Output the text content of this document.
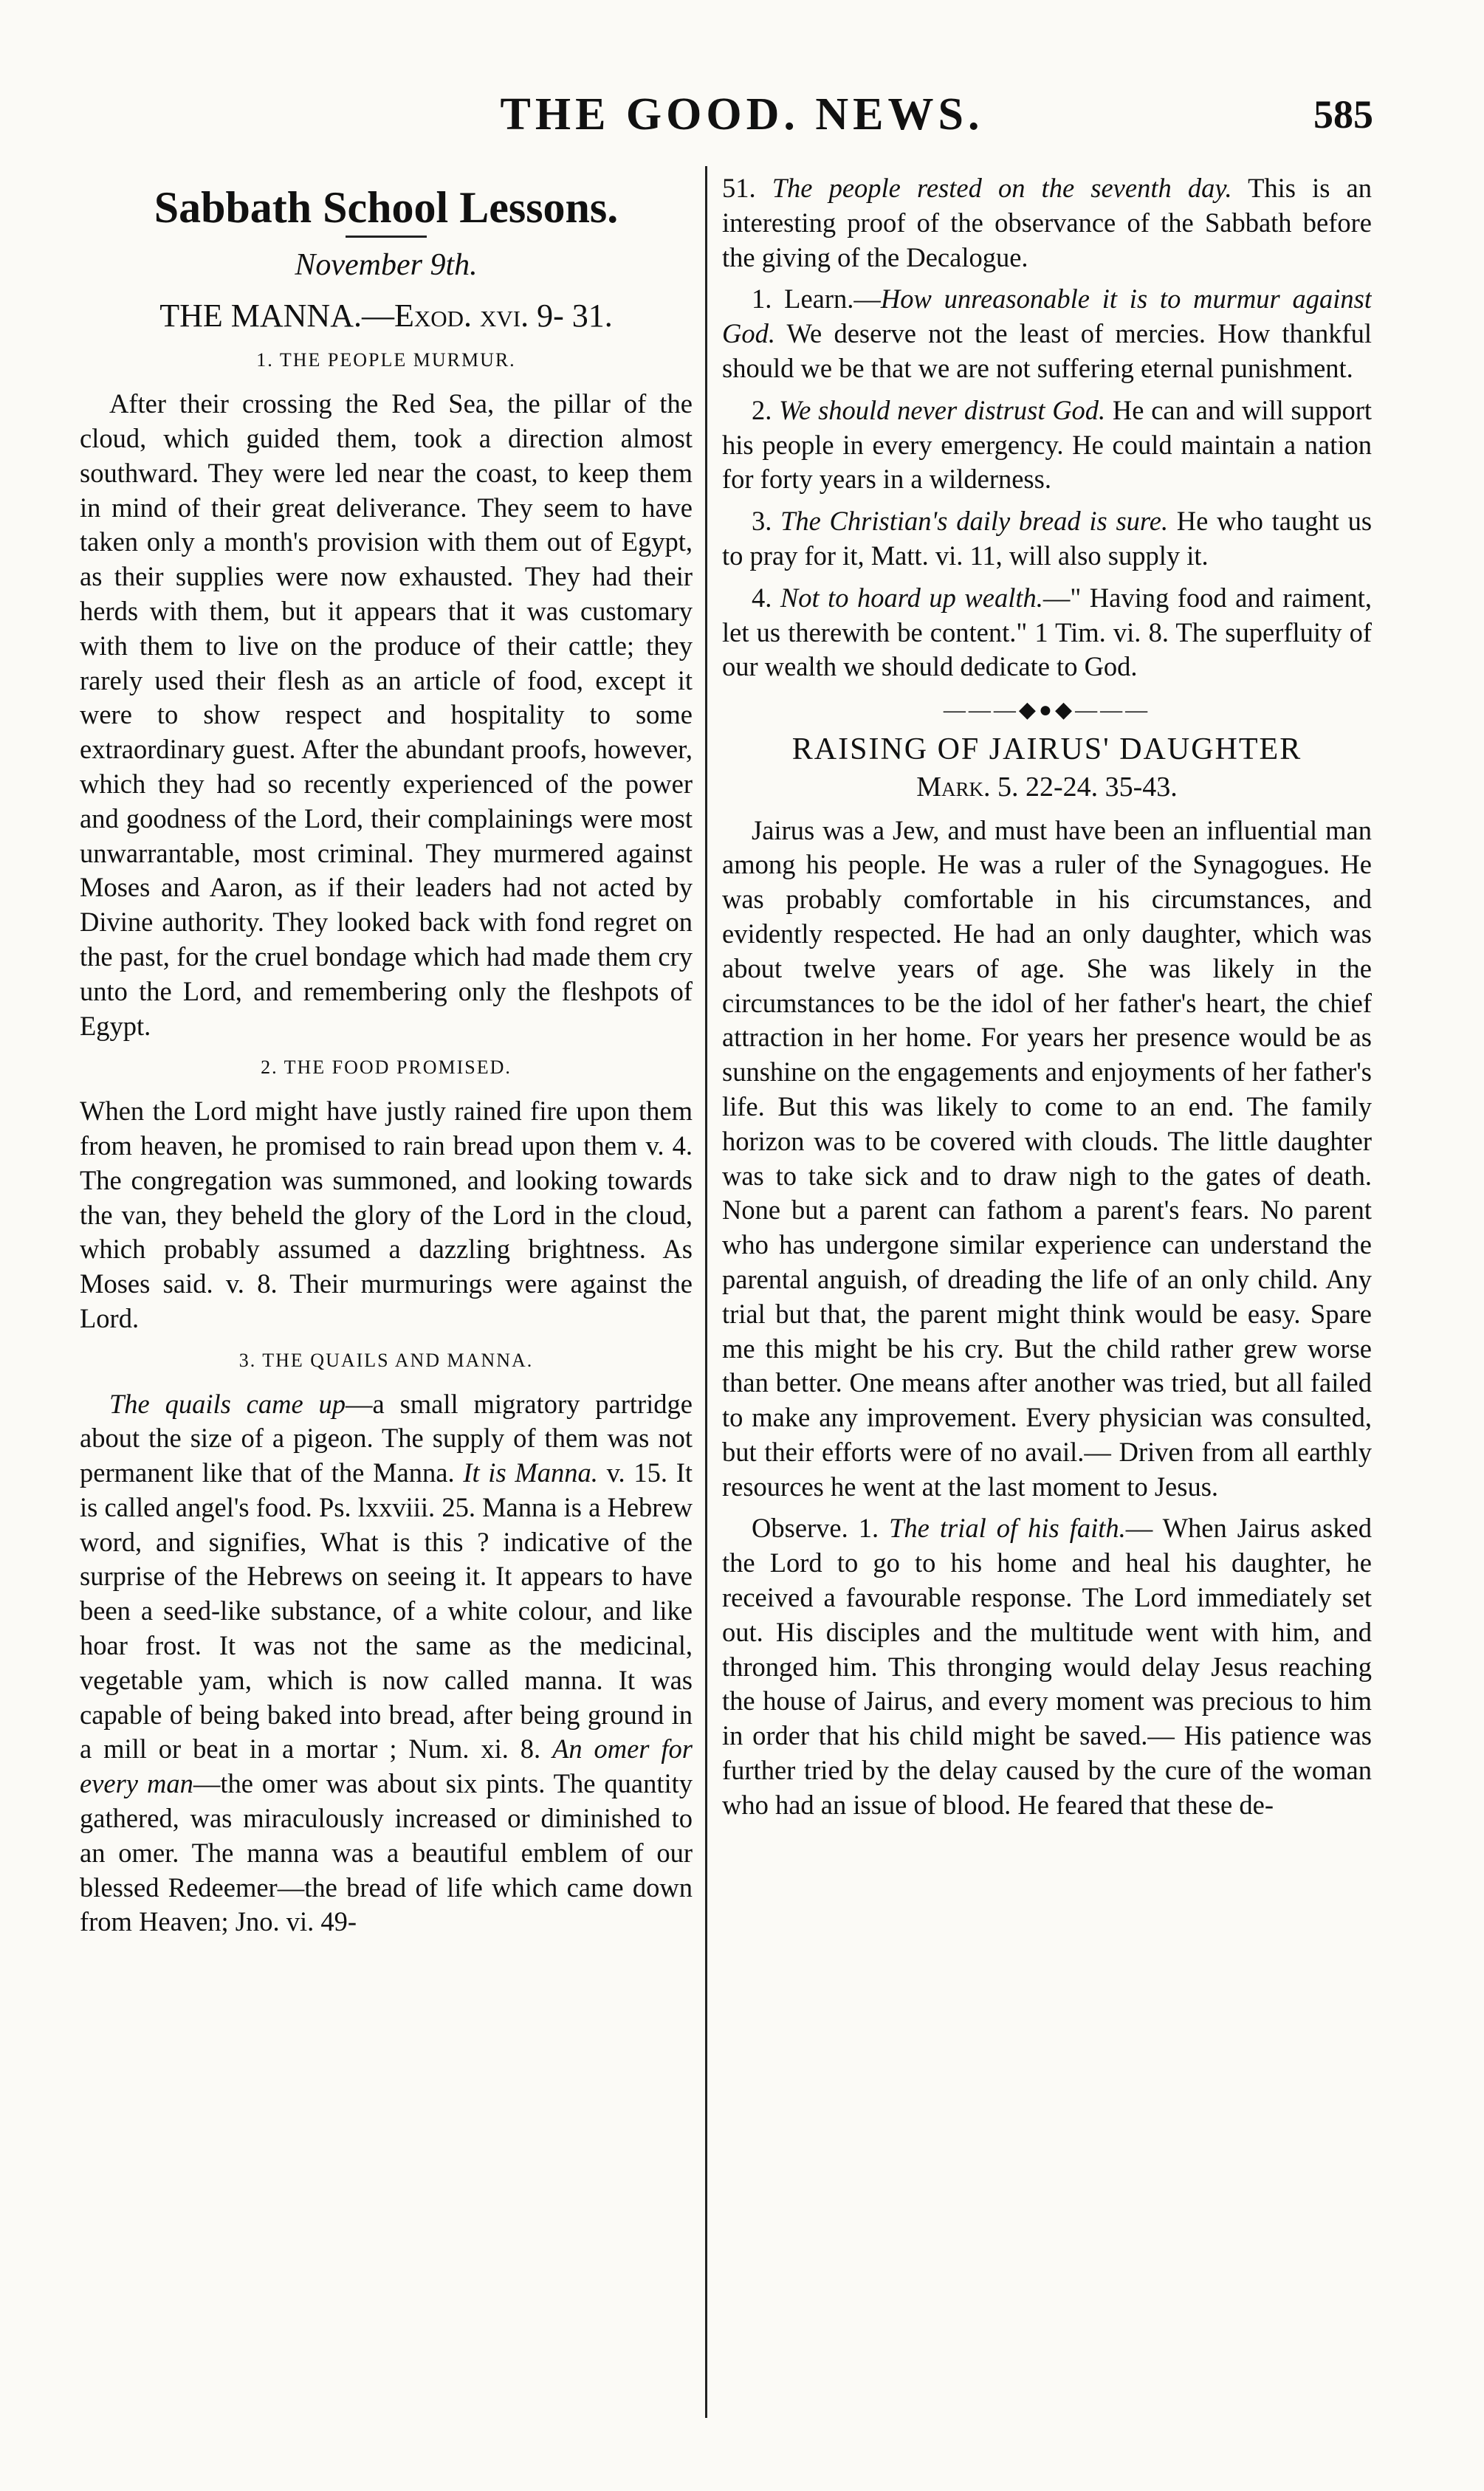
THE GOOD. NEWS.	585
Sabbath School Lessons.
November 9th.
THE MANNA.—Exod. xvi. 9- 31.
1. THE PEOPLE MURMUR.

After their crossing the Red Sea, the pillar of the cloud, which guided them, took a direction almost southward. They were led near the coast, to keep them in mind of their great deliverance. They seem to have taken only a month's provision with them out of Egypt, as their supplies were now exhausted. They had their herds with them, but it appears that it was customary with them to live on the produce of their cattle; they rarely used their flesh as an article of food, except it were to show respect and hospitality to some extraordinary guest. After the abundant proofs, however, which they had so recently experienced of the power and goodness of the Lord, their complainings were most unwarrantable, most criminal. They murmered against Moses and Aaron, as if their leaders had not acted by Divine authority. They looked back with fond regret on the past, for the cruel bondage which had made them cry unto the Lord, and remembering only the fleshpots of Egypt.

2. THE FOOD PROMISED.

When the Lord might have justly rained fire upon them from heaven, he promised to rain bread upon them v. 4. The congregation was summoned, and looking towards the van, they beheld the glory of the Lord in the cloud, which probably assumed a dazzling brightness. As Moses said. v. 8. Their murmurings were against the Lord.

3. THE QUAILS AND MANNA.

The quails came up—a small migratory partridge about the size of a pigeon. The supply of them was not permanent like that of the Manna. It is Manna. v. 15. It is called angel's food. Ps. lxxviii. 25. Manna is a Hebrew word, and signifies, What is this ? indicative of the surprise of the Hebrews on seeing it. It appears to have been a seed-like substance, of a white colour, and like hoar frost. It was not the same as the medicinal, vegetable yam, which is now called manna. It was capable of being baked into bread, after being ground in a mill or beat in a mortar ; Num. xi. 8. An omer for every man—the omer was about six pints. The quantity gathered, was miraculously increased or diminished to an omer. The manna was a beautiful emblem of our blessed Redeemer—the bread of life which came down from Heaven; Jno. vi. 49-

51. The people rested on the seventh day. This is an interesting proof of the observance of the Sabbath before the giving of the Decalogue.

1. Learn.—How unreasonable it is to murmur against God. We deserve not the least of mercies. How thankful should we be that we are not suffering eternal punishment.

2. We should never distrust God. He can and will support his people in every emergency. He could maintain a nation for forty years in a wilderness.

3. The Christian's daily bread is sure. He who taught us to pray for it, Matt. vi. 11, will also supply it.

4. Not to hoard up wealth.—" Having food and raiment, let us therewith be content." 1 Tim. vi. 8. The superfluity of our wealth we should dedicate to God.

———◆●◆———
RAISING OF JAIRUS' DAUGHTER
Mark. 5. 22-24. 35-43.

Jairus was a Jew, and must have been an influential man among his people. He was a ruler of the Synagogues. He was probably comfortable in his circumstances, and evidently respected. He had an only daughter, which was about twelve years of age. She was likely in the circumstances to be the idol of her father's heart, the chief attraction in her home. For years her presence would be as sunshine on the engagements and enjoyments of her father's life. But this was likely to come to an end. The family horizon was to be covered with clouds. The little daughter was to take sick and to draw nigh to the gates of death. None but a parent can fathom a parent's fears. No parent who has undergone similar experience can understand the parental anguish, of dreading the life of an only child. Any trial but that, the parent might think would be easy. Spare me this might be his cry. But the child rather grew worse than better. One means after another was tried, but all failed to make any improvement. Every physician was consulted, but their efforts were of no avail.— Driven from all earthly resources he went at the last moment to Jesus.

Observe. 1. The trial of his faith.— When Jairus asked the Lord to go to his home and heal his daughter, he received a favourable response. The Lord immediately set out. His disciples and the multitude went with him, and thronged him. This thronging would delay Jesus reaching the house of Jairus, and every moment was precious to him in order that his child might be saved.— His patience was further tried by the delay caused by the cure of the woman who had an issue of blood. He feared that these de-
